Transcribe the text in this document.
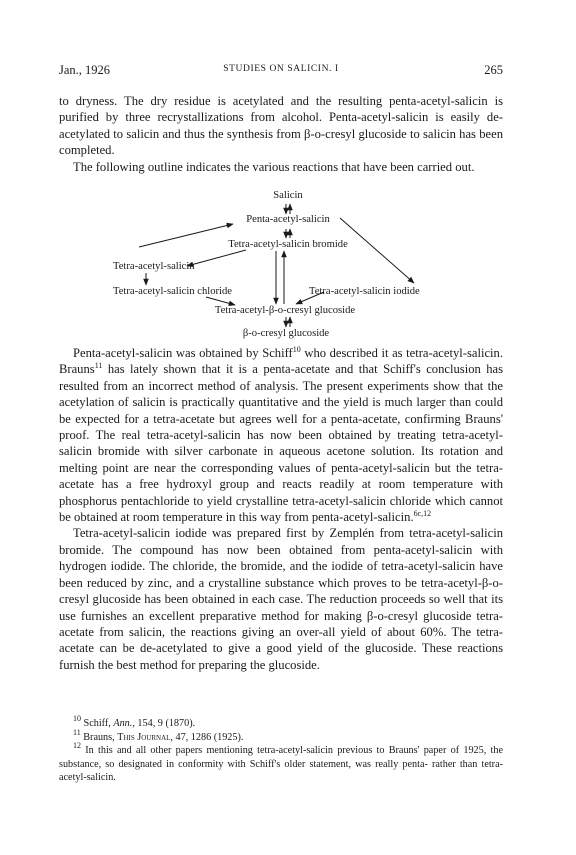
Jan., 1926	STUDIES ON SALICIN. I	265

to dryness. The dry residue is acetylated and the resulting penta-acetyl-salicin is purified by three recrystallizations from alcohol. Penta-acetyl-salicin is easily de-acetylated to salicin and thus the synthesis from β-o-cresyl glucoside to salicin has been completed.

The following outline indicates the various reactions that have been carried out.

Salicin
Penta-acetyl-salicin
Tetra-acetyl-salicin bromide
Tetra-acetyl-salicin
Tetra-acetyl-salicin chloride	Tetra-acetyl-salicin iodide
Tetra-acetyl-β-o-cresyl glucoside
β-o-cresyl glucoside

Penta-acetyl-salicin was obtained by Schiff$^{10}$ who described it as tetra-acetyl-salicin. Brauns$^{11}$ has lately shown that it is a penta-acetate and that Schiff's conclusion has resulted from an incorrect method of analysis. The present experiments show that the acetylation of salicin is practically quantitative and the yield is much larger than could be expected for a tetra-acetate but agrees well for a penta-acetate, confirming Brauns' proof. The real tetra-acetyl-salicin has now been obtained by treating tetra-acetyl-salicin bromide with silver carbonate in aqueous acetone solution. Its rotation and melting point are near the corresponding values of penta-acetyl-salicin but the tetra-acetate has a free hydroxyl group and reacts readily at room temperature with phosphorus pentachloride to yield crystalline tetra-acetyl-salicin chloride which cannot be obtained at room temperature in this way from penta-acetyl-salicin.$^{6c,12}$

Tetra-acetyl-salicin iodide was prepared first by Zemplén from tetra-acetyl-salicin bromide. The compound has now been obtained from penta-acetyl-salicin with hydrogen iodide. The chloride, the bromide, and the iodide of tetra-acetyl-salicin have been reduced by zinc, and a crystalline substance which proves to be tetra-acetyl-β-o-cresyl glucoside has been obtained in each case. The reduction proceeds so well that its use furnishes an excellent preparative method for making β-o-cresyl glucoside tetra-acetate from salicin, the reactions giving an over-all yield of about 60%. The tetra-acetate can be de-acetylated to give a good yield of the glucoside. These reactions furnish the best method for preparing the glucoside.

$^{10}$ Schiff, Ann., 154, 9 (1870).

$^{11}$ Brauns, This Journal, 47, 1286 (1925).

$^{12}$ In this and all other papers mentioning tetra-acetyl-salicin previous to Brauns' paper of 1925, the substance, so designated in conformity with Schiff's older statement, was really penta- rather than tetra-acetyl-salicin.
